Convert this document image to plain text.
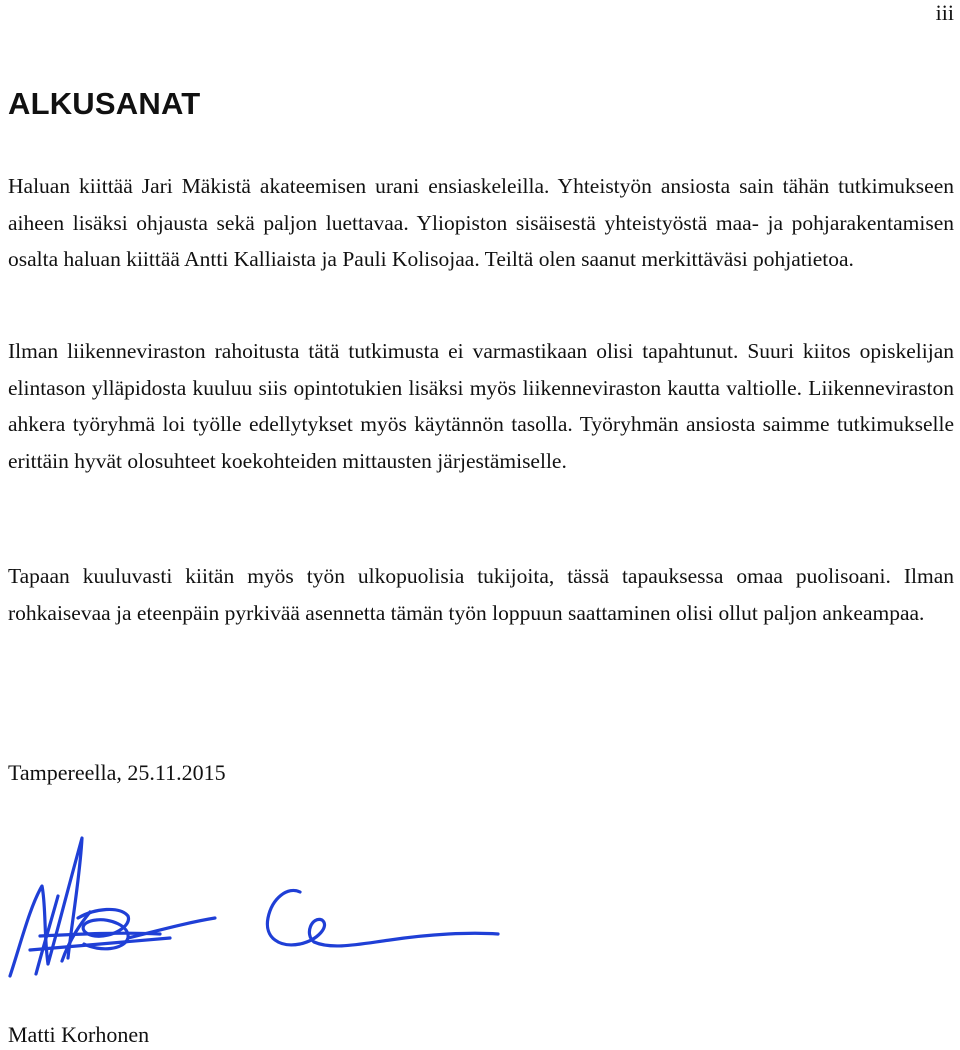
iii
ALKUSANAT

Haluan kiittää Jari Mäkistä akateemisen urani ensiaskeleilla. Yhteistyön ansiosta sain tähän tutkimukseen aiheen lisäksi ohjausta sekä paljon luettavaa. Yliopiston sisäisestä yhteistyöstä maa- ja pohjarakentamisen osalta haluan kiittää Antti Kalliaista ja Pauli Kolisojaa. Teiltä olen saanut merkittäväsi pohjatietoa.

Ilman liikenneviraston rahoitusta tätä tutkimusta ei varmastikaan olisi tapahtunut. Suuri kiitos opiskelijan elintason ylläpidosta kuuluu siis opintotukien lisäksi myös liikenneviraston kautta valtiolle. Liikenneviraston ahkera työryhmä loi työlle edellytykset myös käytännön tasolla. Työryhmän ansiosta saimme tutkimukselle erittäin hyvät olosuhteet koekohteiden mittausten järjestämiselle.

Tapaan kuuluvasti kiitän myös työn ulkopuolisia tukijoita, tässä tapauksessa omaa puolisoani. Ilman rohkaisevaa ja eteenpäin pyrkivää asennetta tämän työn loppuun saattaminen olisi ollut paljon ankeampaa.

Tampereella, 25.11.2015
Matti Korhonen
